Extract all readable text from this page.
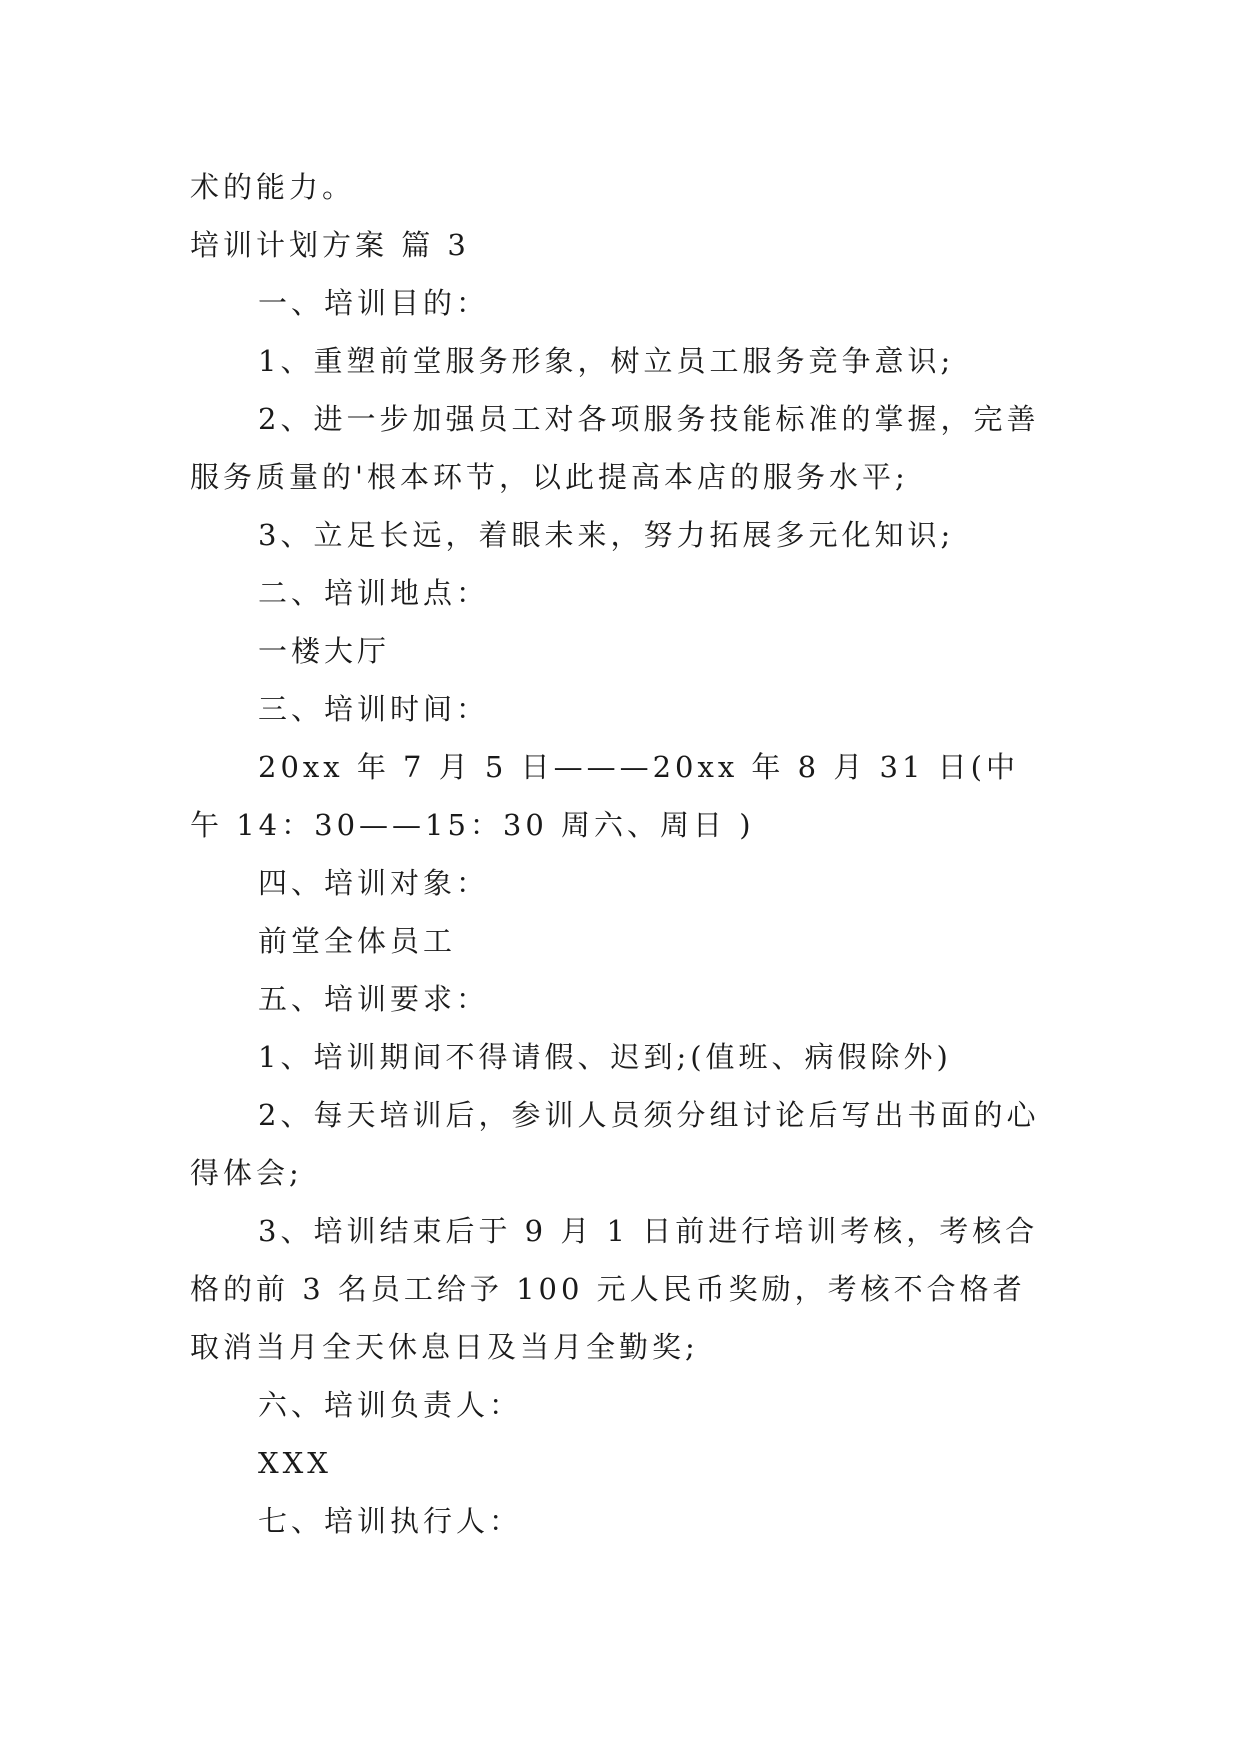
术的能力。

培训计划方案 篇 3

一、培训目的：

1、重塑前堂服务形象，树立员工服务竞争意识;

2、进一步加强员工对各项服务技能标准的掌握，完善服务质量的'根本环节，以此提高本店的服务水平;

3、立足长远，着眼未来，努力拓展多元化知识;

二、培训地点：

一楼大厅

三、培训时间：

20xx 年 7 月 5 日———20xx 年 8 月 31 日(中午 14：30——15：30 周六、周日 )

四、培训对象：

前堂全体员工

五、培训要求：

1、培训期间不得请假、迟到;(值班、病假除外)

2、每天培训后，参训人员须分组讨论后写出书面的心得体会;

3、培训结束后于 9 月 1 日前进行培训考核，考核合格的前 3 名员工给予 100 元人民币奖励，考核不合格者取消当月全天休息日及当月全勤奖;

六、培训负责人：

XXX

七、培训执行人：
